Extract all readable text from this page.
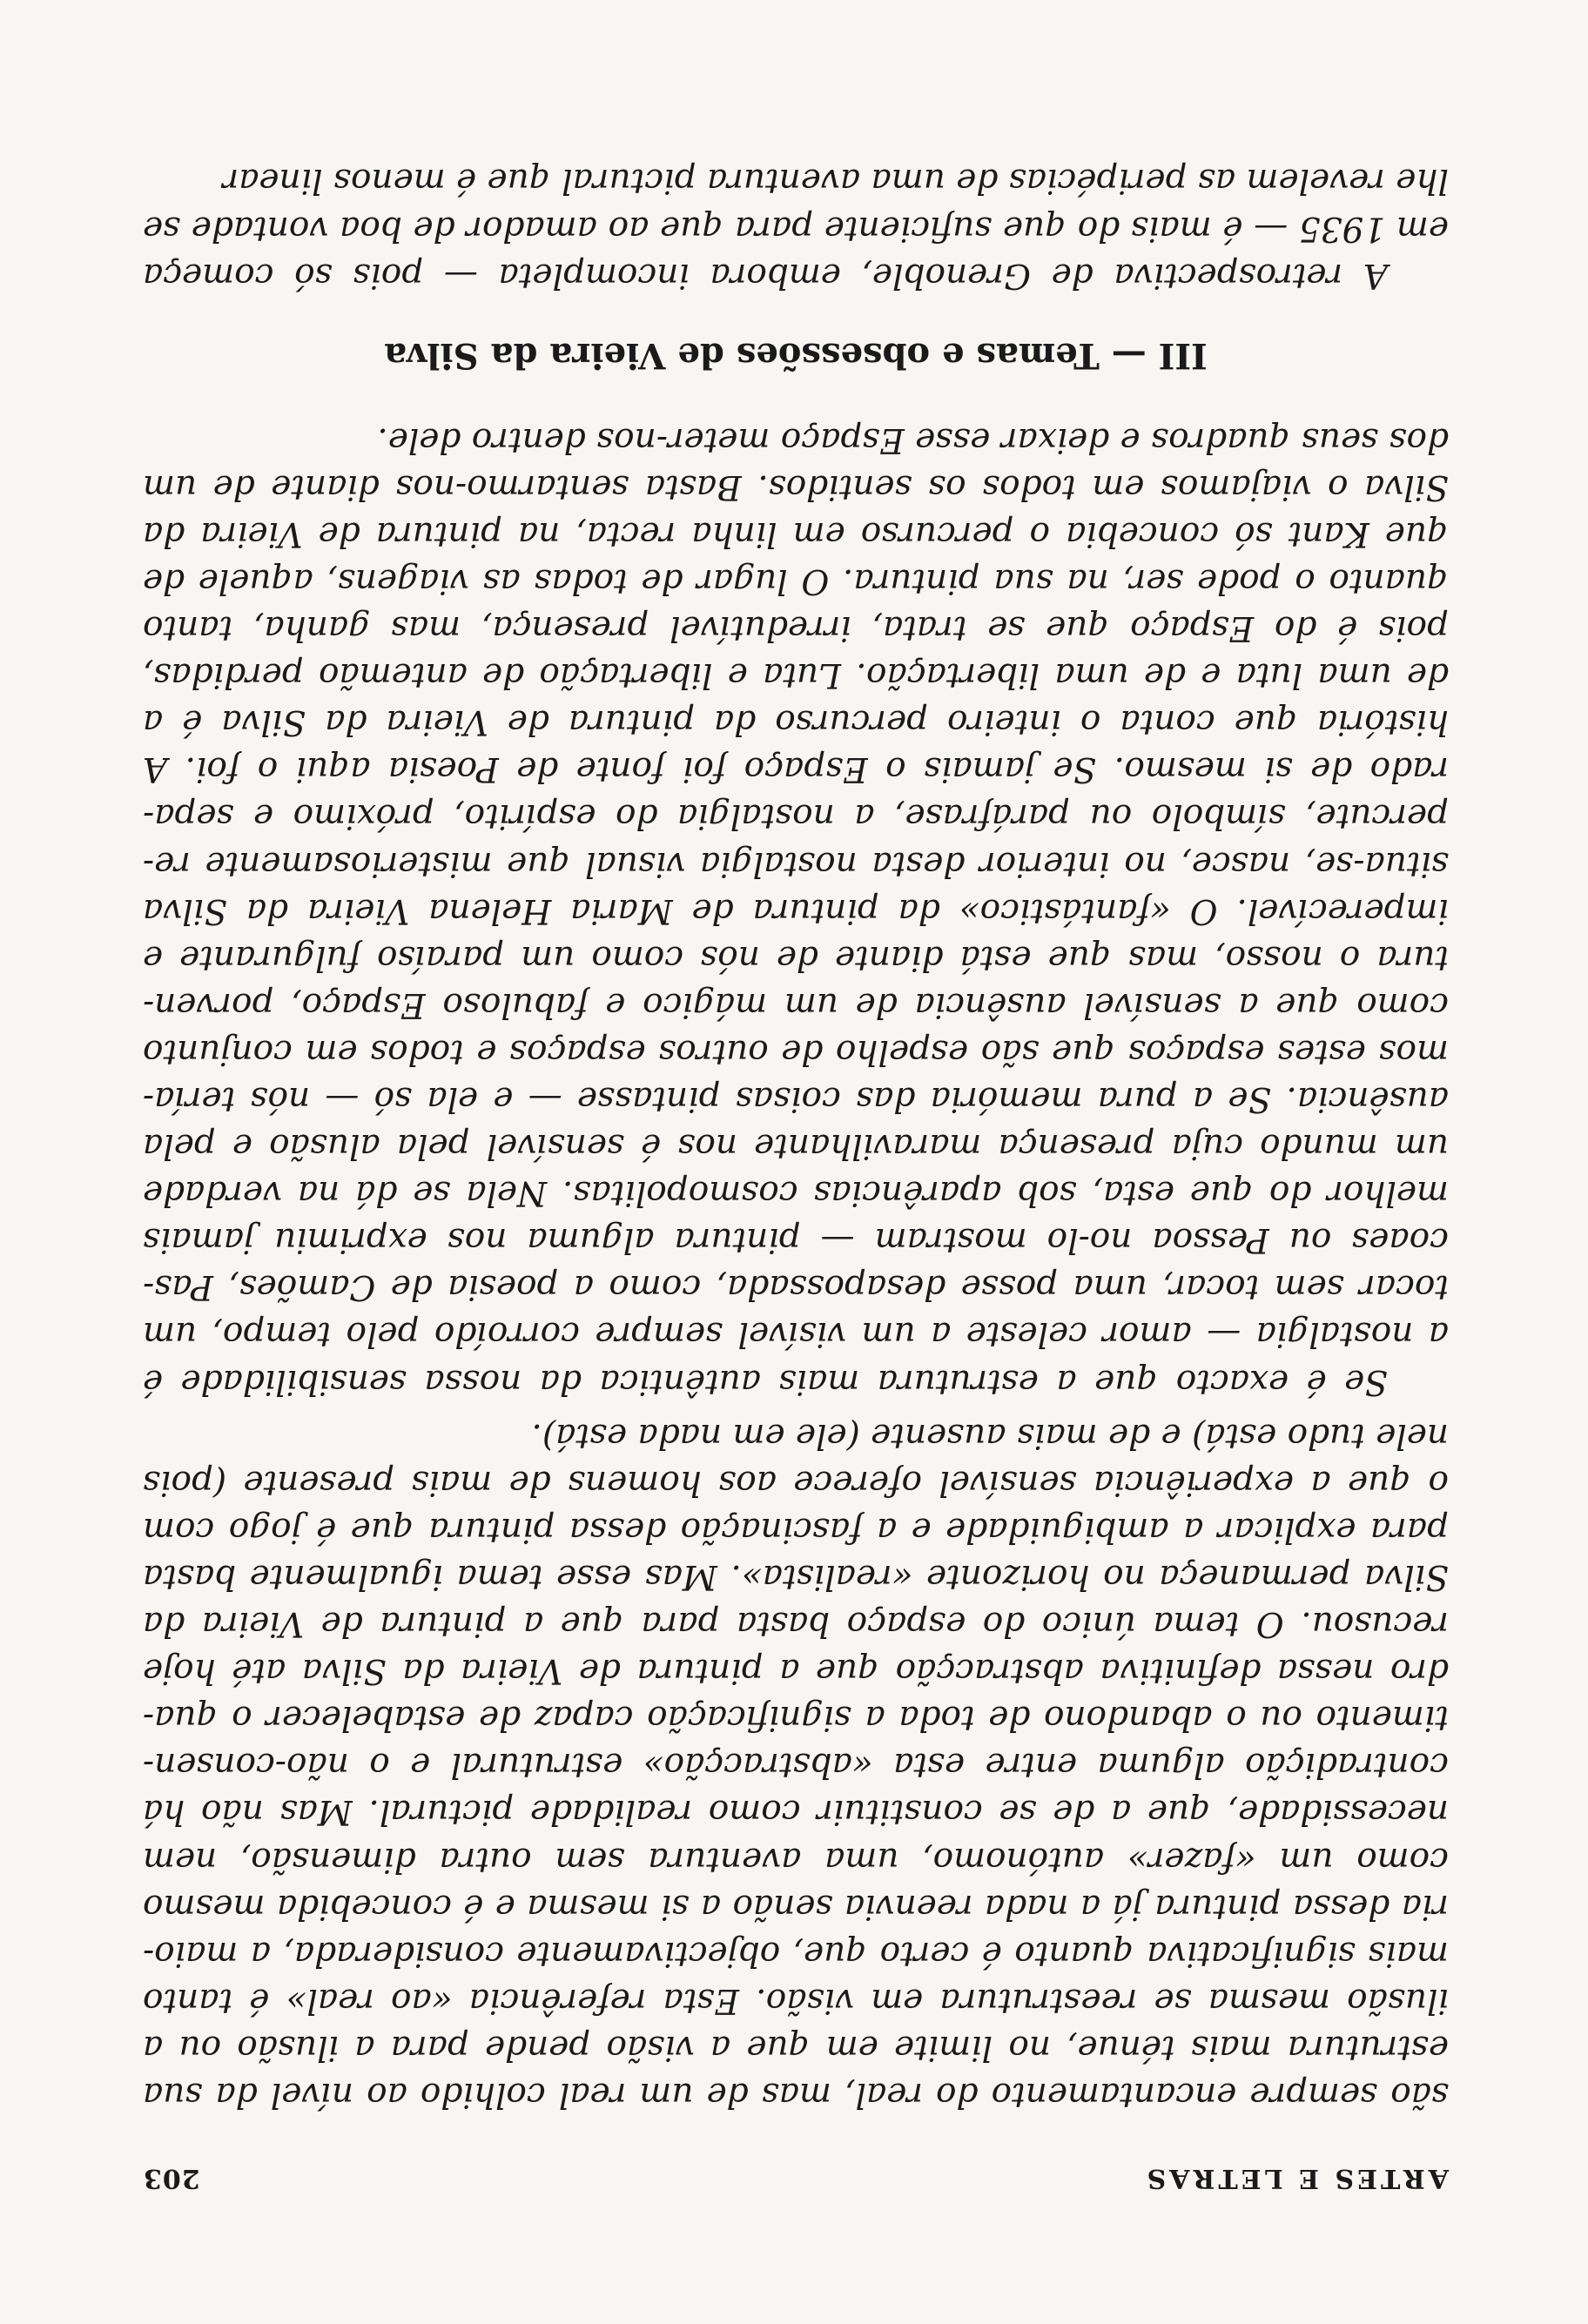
ARTES E LETRAS
203

são sempre encantamento do real, mas de um real colhido ao nível da sua
estrutura mais ténue, no limite em que a visão pende para a ilusão ou a
ilusão mesma se reestrutura em visão. Esta referência «ao real» é tanto
mais significativa quanto é certo que, objectivamente considerada, a maio-
ria dessa pintura já a nada reenvia senão a si mesma e é concebida mesmo
como um «fazer» autónomo, uma aventura sem outra dimensão, nem
necessidade, que a de se constituir como realidade pictural. Mas não há
contradição alguma entre esta «abstracção» estrutural e o não-consen-
timento ou o abandono de toda a significação capaz de estabelecer o qua-
dro nessa definitiva abstracção que a pintura de Vieira da Silva até hoje
recusou. O tema único do espaço basta para que a pintura de Vieira da
Silva permaneça no horizonte «realista». Mas esse tema igualmente basta
para explicar a ambiguidade e a fascinação dessa pintura que é jogo com
o que a experiência sensível oferece aos homens de mais presente (pois
nele tudo está) e de mais ausente (ele em nada está).

Se é exacto que a estrutura mais autêntica da nossa sensibilidade é
a nostalgia — amor celeste a um visível sempre corroído pelo tempo, um
tocar sem tocar, uma posse desapossada, como a poesia de Camões, Pas-
coaes ou Pessoa no-lo mostram — pintura alguma nos exprimiu jamais
melhor do que esta, sob aparências cosmopolitas. Nela se dá na verdade
um mundo cuja presença maravilhante nos é sensível pela alusão e pela
ausência. Se a pura memória das coisas pintasse — e ela só — nós tería-
mos estes espaços que são espelho de outros espaços e todos em conjunto
como que a sensível ausência de um mágico e fabuloso Espaço, porven-
tura o nosso, mas que está diante de nós como um paraíso fulgurante e
imperecível. O «fantástico» da pintura de Maria Helena Vieira da Silva
situa-se, nasce, no interior desta nostalgia visual que misteriosamente re-
percute, símbolo ou paráfrase, a nostalgia do espírito, próximo e sepa-
rado de si mesmo. Se jamais o Espaço foi fonte de Poesia aqui o foi. A
história que conta o inteiro percurso da pintura de Vieira da Silva é a
de uma luta e de uma libertação. Luta e libertação de antemão perdidas,
pois é do Espaço que se trata, irredutível presença, mas ganha, tanto
quanto o pode ser, na sua pintura. O lugar de todas as viagens, aquele de
que Kant só concebia o percurso em linha recta, na pintura de Vieira da
Silva o viajamos em todos os sentidos. Basta sentarmo-nos diante de um
dos seus quadros e deixar esse Espaço meter-nos dentro dele.

III — Temas e obsessões de Vieira da Silva

A retrospectiva de Grenoble, embora incompleta — pois só começa
em 1935 — é mais do que suficiente para que ao amador de boa vontade se
lhe revelem as peripécias de uma aventura pictural que é menos linear
